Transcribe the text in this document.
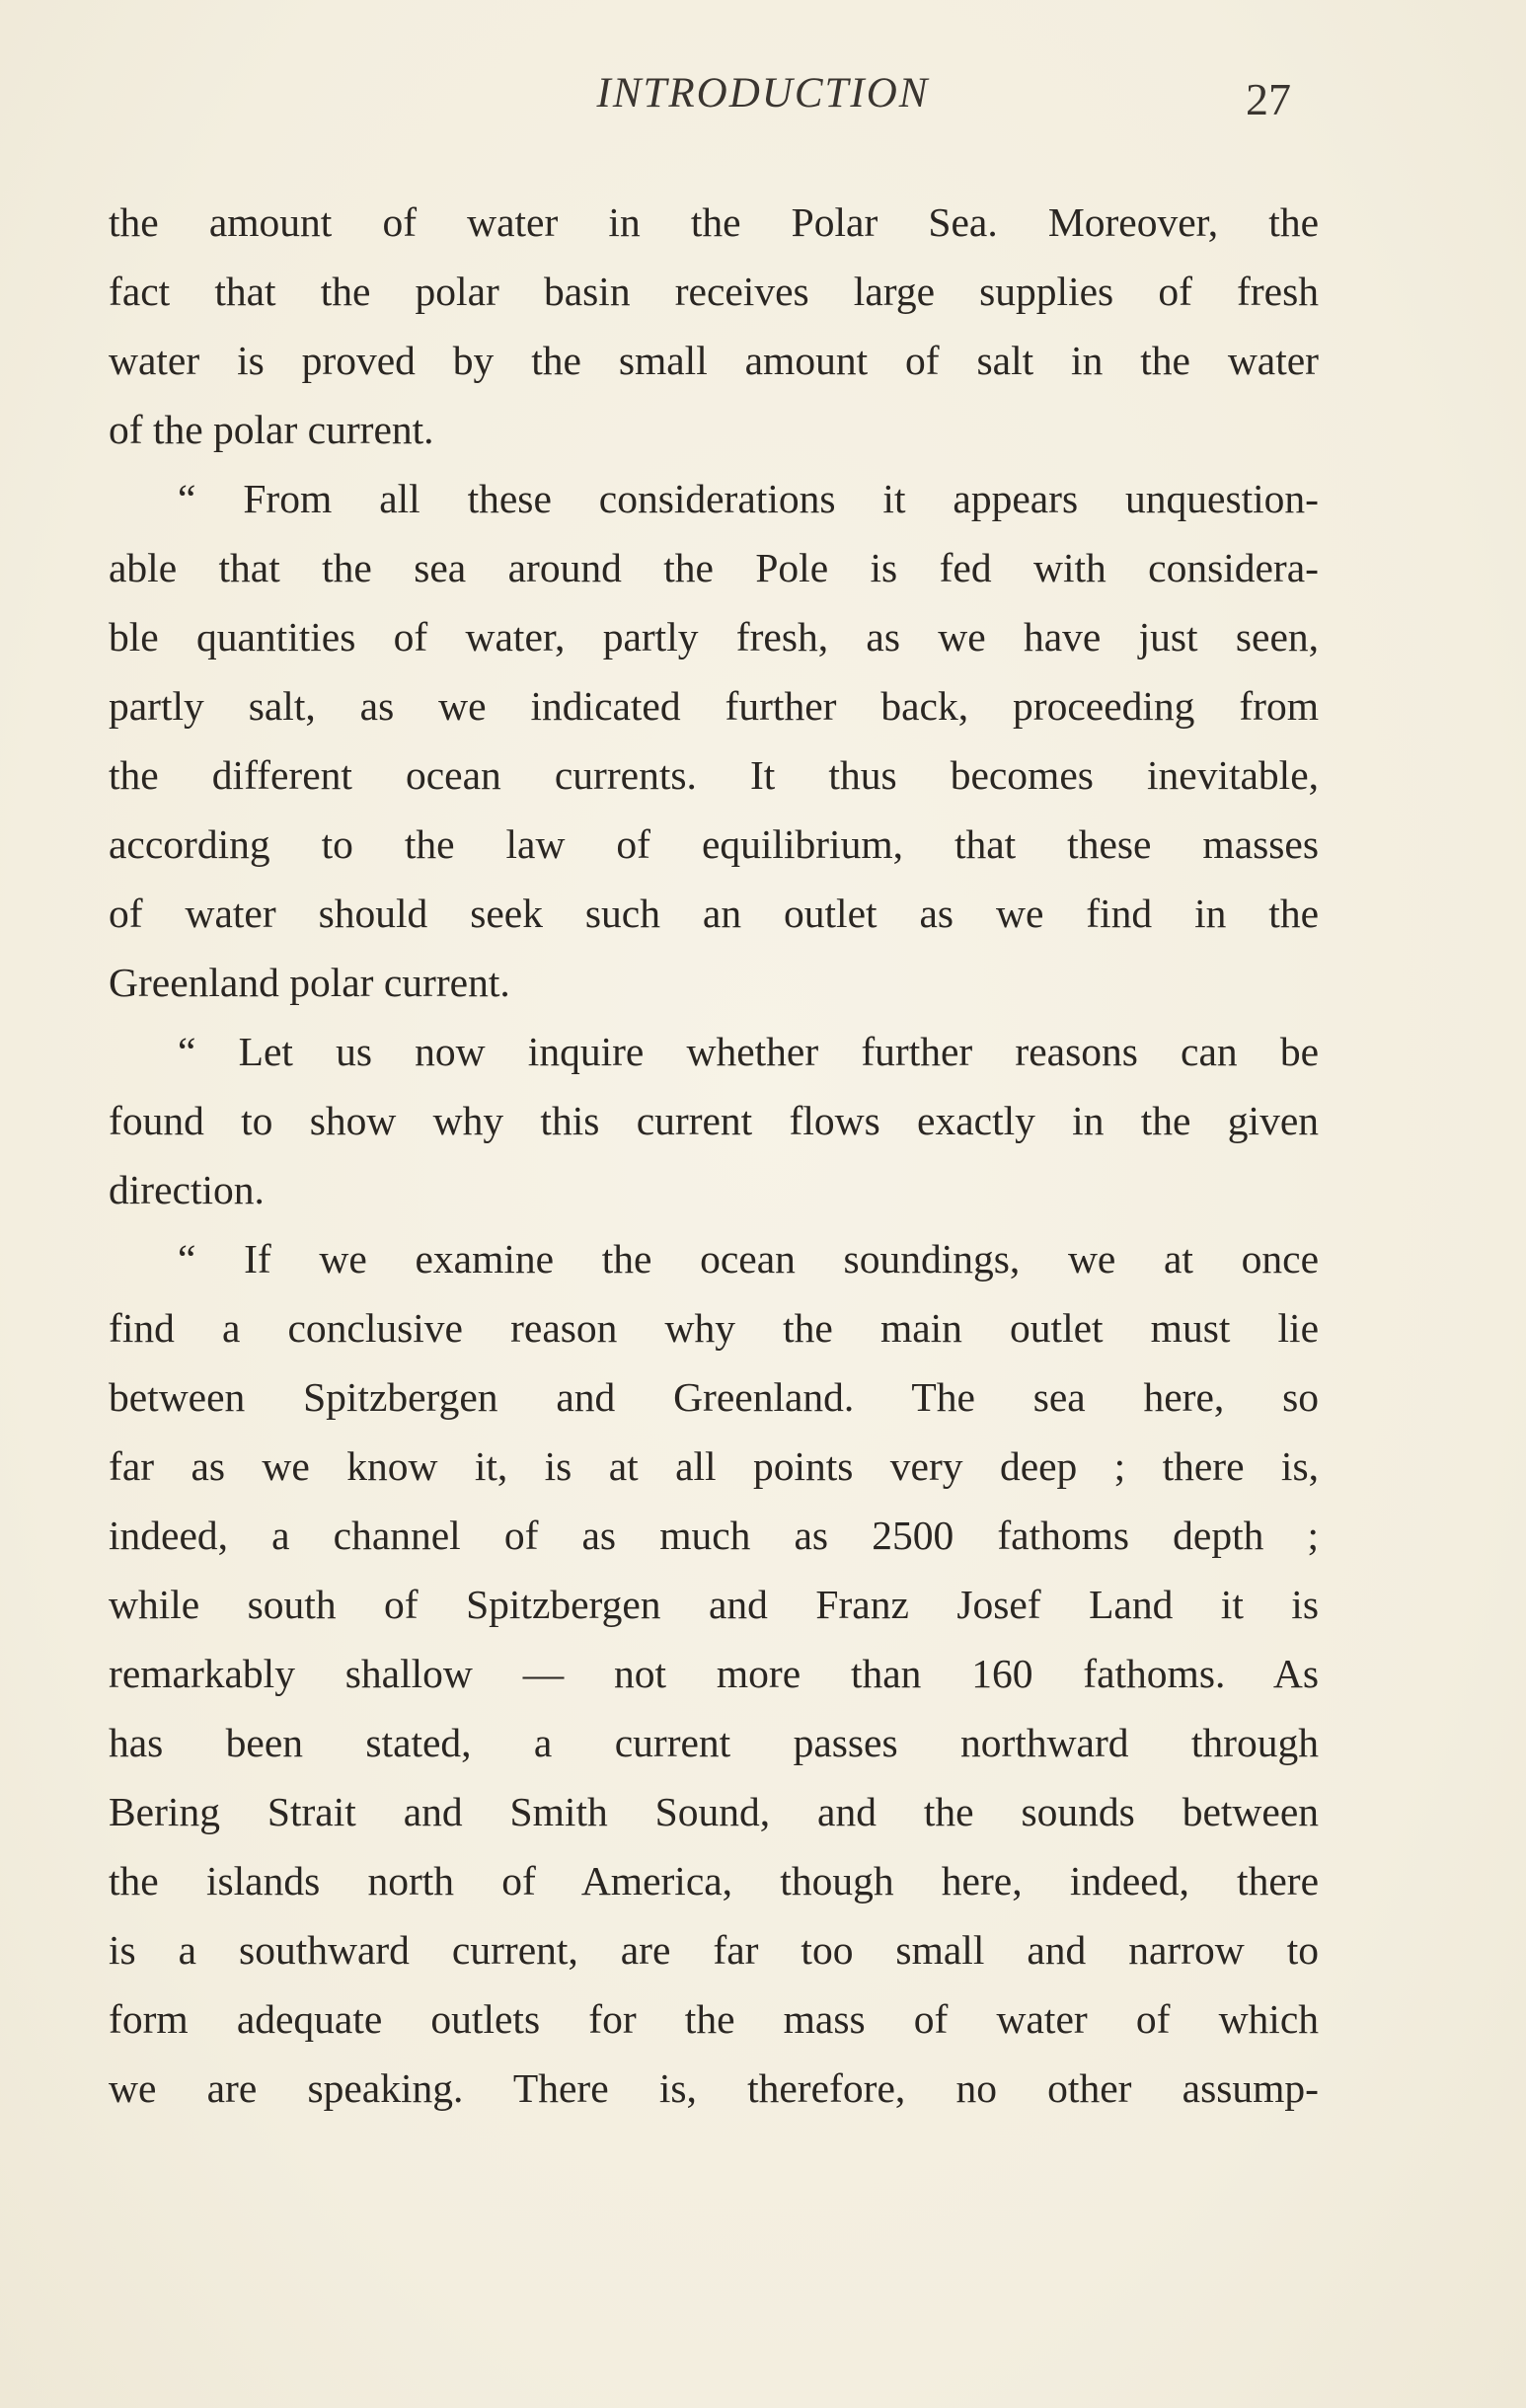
INTRODUCTION	27
the amount of water in the Polar Sea. Moreover, the
fact that the polar basin receives large supplies of fresh
water is proved by the small amount of salt in the water
of the polar current.
“ From all these considerations it appears unquestion-
able that the sea around the Pole is fed with considera-
ble quantities of water, partly fresh, as we have just seen,
partly salt, as we indicated further back, proceeding from
the different ocean currents. It thus becomes inevitable,
according to the law of equilibrium, that these masses
of water should seek such an outlet as we find in the
Greenland polar current.
“ Let us now inquire whether further reasons can be
found to show why this current flows exactly in the given
direction.
“ If we examine the ocean soundings, we at once
find a conclusive reason why the main outlet must lie
between Spitzbergen and Greenland. The sea here, so
far as we know it, is at all points very deep ; there is,
indeed, a channel of as much as 2500 fathoms depth ;
while south of Spitzbergen and Franz Josef Land it is
remarkably shallow — not more than 160 fathoms. As
has been stated, a current passes northward through
Bering Strait and Smith Sound, and the sounds between
the islands north of America, though here, indeed, there
is a southward current, are far too small and narrow to
form adequate outlets for the mass of water of which
we are speaking. There is, therefore, no other assump-
